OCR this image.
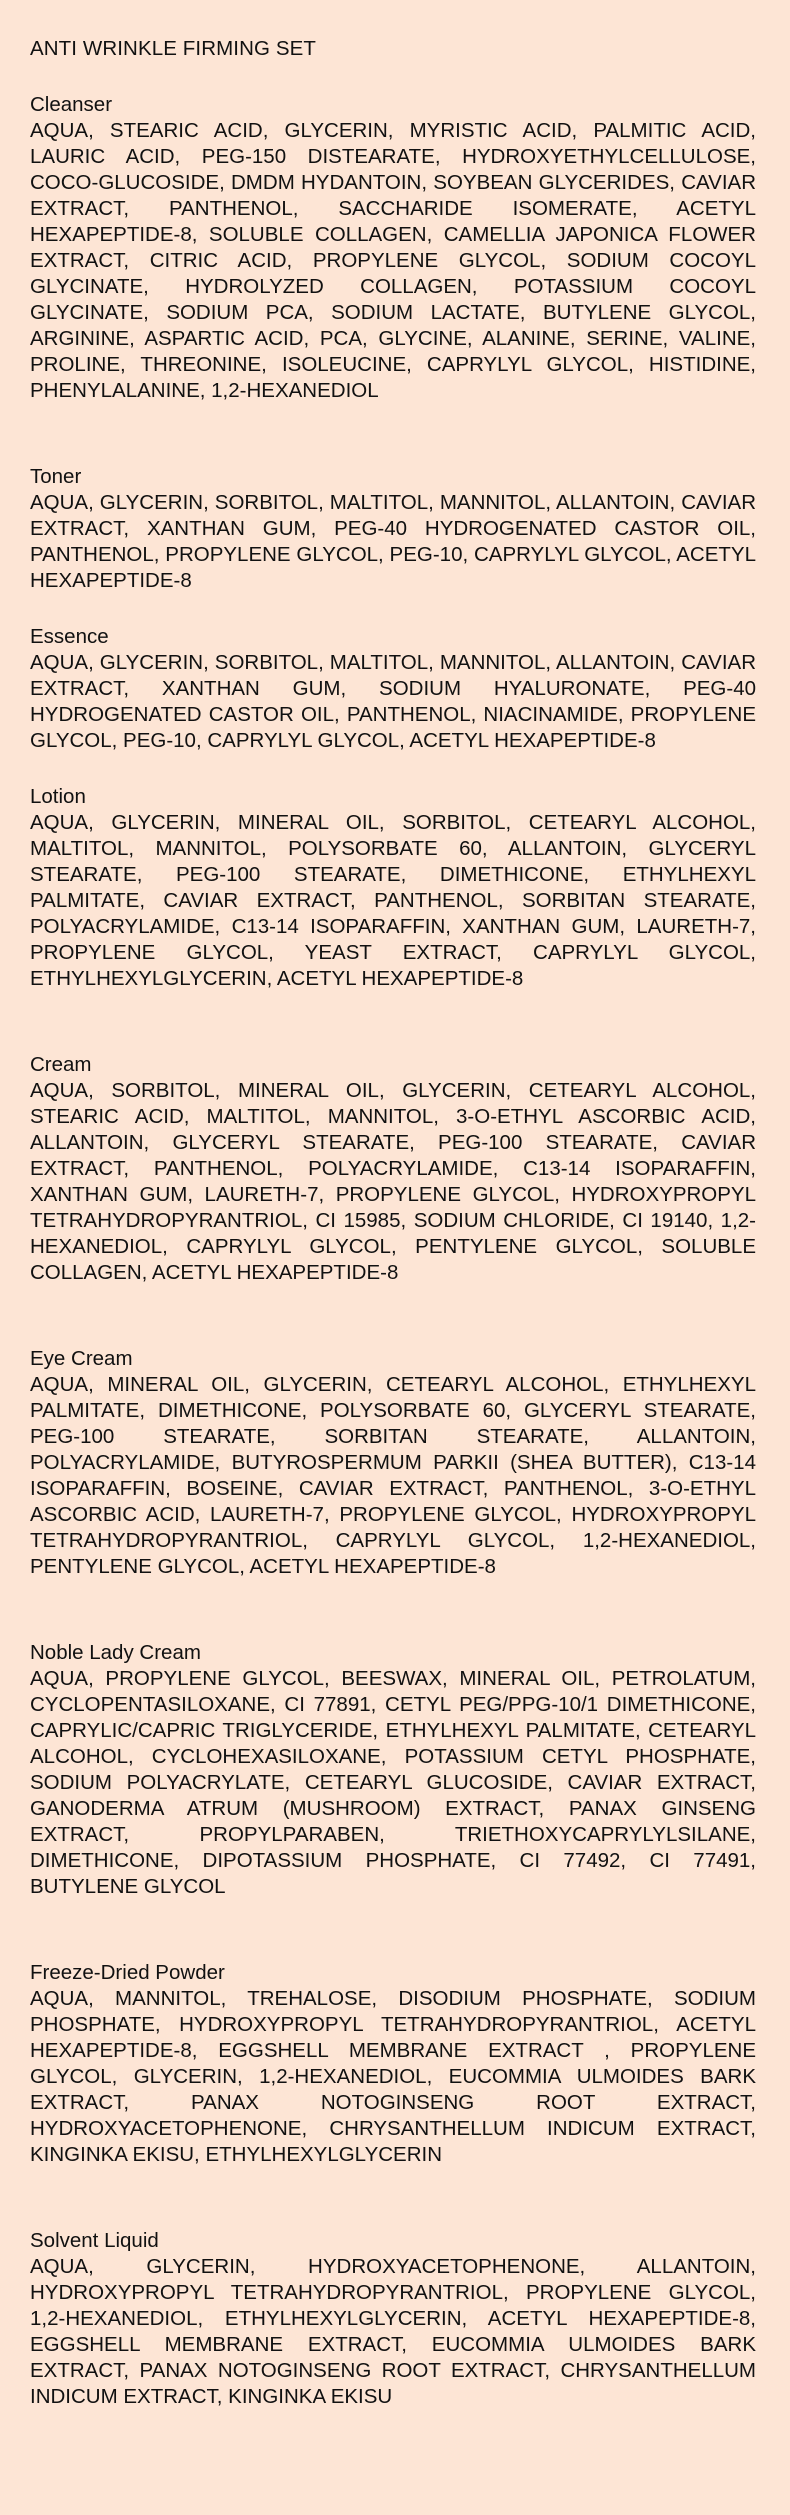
ANTI WRINKLE FIRMING SET
Cleanser

AQUA, STEARIC ACID, GLYCERIN, MYRISTIC ACID, PALMITIC ACID, LAURIC ACID, PEG-150 DISTEARATE, HYDROXYETHYLCELLULOSE, COCO-GLUCOSIDE, DMDM HYDANTOIN, SOYBEAN GLYCERIDES, CAVIAR EXTRACT, PANTHENOL, SACCHARIDE ISOMERATE, ACETYL HEXAPEPTIDE-8, SOLUBLE COLLAGEN, CAMELLIA JAPONICA FLOWER EXTRACT, CITRIC ACID, PROPYLENE GLYCOL, SODIUM COCOYL GLYCINATE, HYDROLYZED COLLAGEN, POTASSIUM COCOYL GLYCINATE, SODIUM PCA, SODIUM LACTATE, BUTYLENE GLYCOL, ARGININE, ASPARTIC ACID, PCA, GLYCINE, ALANINE, SERINE, VALINE, PROLINE, THREONINE, ISOLEUCINE, CAPRYLYL GLYCOL, HISTIDINE, PHENYLALANINE, 1,2-HEXANEDIOL

Toner

AQUA, GLYCERIN, SORBITOL, MALTITOL, MANNITOL, ALLANTOIN, CAVIAR EXTRACT, XANTHAN GUM, PEG-40 HYDROGENATED CASTOR OIL, PANTHENOL, PROPYLENE GLYCOL, PEG-10, CAPRYLYL GLYCOL, ACETYL HEXAPEPTIDE-8

Essence

AQUA, GLYCERIN, SORBITOL, MALTITOL, MANNITOL, ALLANTOIN, CAVIAR EXTRACT, XANTHAN GUM, SODIUM HYALURONATE, PEG-40 HYDROGENATED CASTOR OIL, PANTHENOL, NIACINAMIDE, PROPYLENE GLYCOL, PEG-10, CAPRYLYL GLYCOL, ACETYL HEXAPEPTIDE-8

Lotion

AQUA, GLYCERIN, MINERAL OIL, SORBITOL, CETEARYL ALCOHOL, MALTITOL, MANNITOL, POLYSORBATE 60, ALLANTOIN, GLYCERYL STEARATE, PEG-100 STEARATE, DIMETHICONE, ETHYLHEXYL PALMITATE, CAVIAR EXTRACT, PANTHENOL, SORBITAN STEARATE, POLYACRYLAMIDE, C13-14 ISOPARAFFIN, XANTHAN GUM, LAURETH-7, PROPYLENE GLYCOL, YEAST EXTRACT, CAPRYLYL GLYCOL, ETHYLHEXYLGLYCERIN, ACETYL HEXAPEPTIDE-8

Cream

AQUA, SORBITOL, MINERAL OIL, GLYCERIN, CETEARYL ALCOHOL, STEARIC ACID, MALTITOL, MANNITOL, 3-O-ETHYL ASCORBIC ACID, ALLANTOIN, GLYCERYL STEARATE, PEG-100 STEARATE, CAVIAR EXTRACT, PANTHENOL, POLYACRYLAMIDE, C13-14 ISOPARAFFIN, XANTHAN GUM, LAURETH-7, PROPYLENE GLYCOL, HYDROXYPROPYL TETRAHYDROPYRANTRIOL, CI 15985, SODIUM CHLORIDE, CI 19140, 1,2-HEXANEDIOL, CAPRYLYL GLYCOL, PENTYLENE GLYCOL, SOLUBLE COLLAGEN, ACETYL HEXAPEPTIDE-8

Eye Cream

AQUA, MINERAL OIL, GLYCERIN, CETEARYL ALCOHOL, ETHYLHEXYL PALMITATE, DIMETHICONE, POLYSORBATE 60, GLYCERYL STEARATE, PEG-100 STEARATE, SORBITAN STEARATE, ALLANTOIN, POLYACRYLAMIDE, BUTYROSPERMUM PARKII (SHEA BUTTER), C13-14 ISOPARAFFIN, BOSEINE, CAVIAR EXTRACT, PANTHENOL, 3-O-ETHYL ASCORBIC ACID, LAURETH-7, PROPYLENE GLYCOL, HYDROXYPROPYL TETRAHYDROPYRANTRIOL, CAPRYLYL GLYCOL, 1,2-HEXANEDIOL, PENTYLENE GLYCOL, ACETYL HEXAPEPTIDE-8

Noble Lady Cream

AQUA, PROPYLENE GLYCOL, BEESWAX, MINERAL OIL, PETROLATUM, CYCLOPENTASILOXANE, CI 77891, CETYL PEG/PPG-10/1 DIMETHICONE, CAPRYLIC/CAPRIC TRIGLYCERIDE, ETHYLHEXYL PALMITATE, CETEARYL ALCOHOL, CYCLOHEXASILOXANE, POTASSIUM CETYL PHOSPHATE, SODIUM POLYACRYLATE, CETEARYL GLUCOSIDE, CAVIAR EXTRACT, GANODERMA ATRUM (MUSHROOM) EXTRACT, PANAX GINSENG EXTRACT, PROPYLPARABEN, TRIETHOXYCAPRYLYLSILANE, DIMETHICONE, DIPOTASSIUM PHOSPHATE, CI 77492, CI 77491, BUTYLENE GLYCOL

Freeze-Dried Powder

AQUA, MANNITOL, TREHALOSE, DISODIUM PHOSPHATE, SODIUM PHOSPHATE, HYDROXYPROPYL TETRAHYDROPYRANTRIOL, ACETYL HEXAPEPTIDE-8, EGGSHELL MEMBRANE EXTRACT , PROPYLENE GLYCOL, GLYCERIN, 1,2-HEXANEDIOL, EUCOMMIA ULMOIDES BARK EXTRACT, PANAX NOTOGINSENG ROOT EXTRACT, HYDROXYACETOPHENONE, CHRYSANTHELLUM INDICUM EXTRACT, KINGINKA EKISU, ETHYLHEXYLGLYCERIN

Solvent Liquid

AQUA, GLYCERIN, HYDROXYACETOPHENONE, ALLANTOIN, HYDROXYPROPYL TETRAHYDROPYRANTRIOL, PROPYLENE GLYCOL, 1,2-HEXANEDIOL, ETHYLHEXYLGLYCERIN, ACETYL HEXAPEPTIDE-8, EGGSHELL MEMBRANE EXTRACT, EUCOMMIA ULMOIDES BARK EXTRACT, PANAX NOTOGINSENG ROOT EXTRACT, CHRYSANTHELLUM INDICUM EXTRACT, KINGINKA EKISU
